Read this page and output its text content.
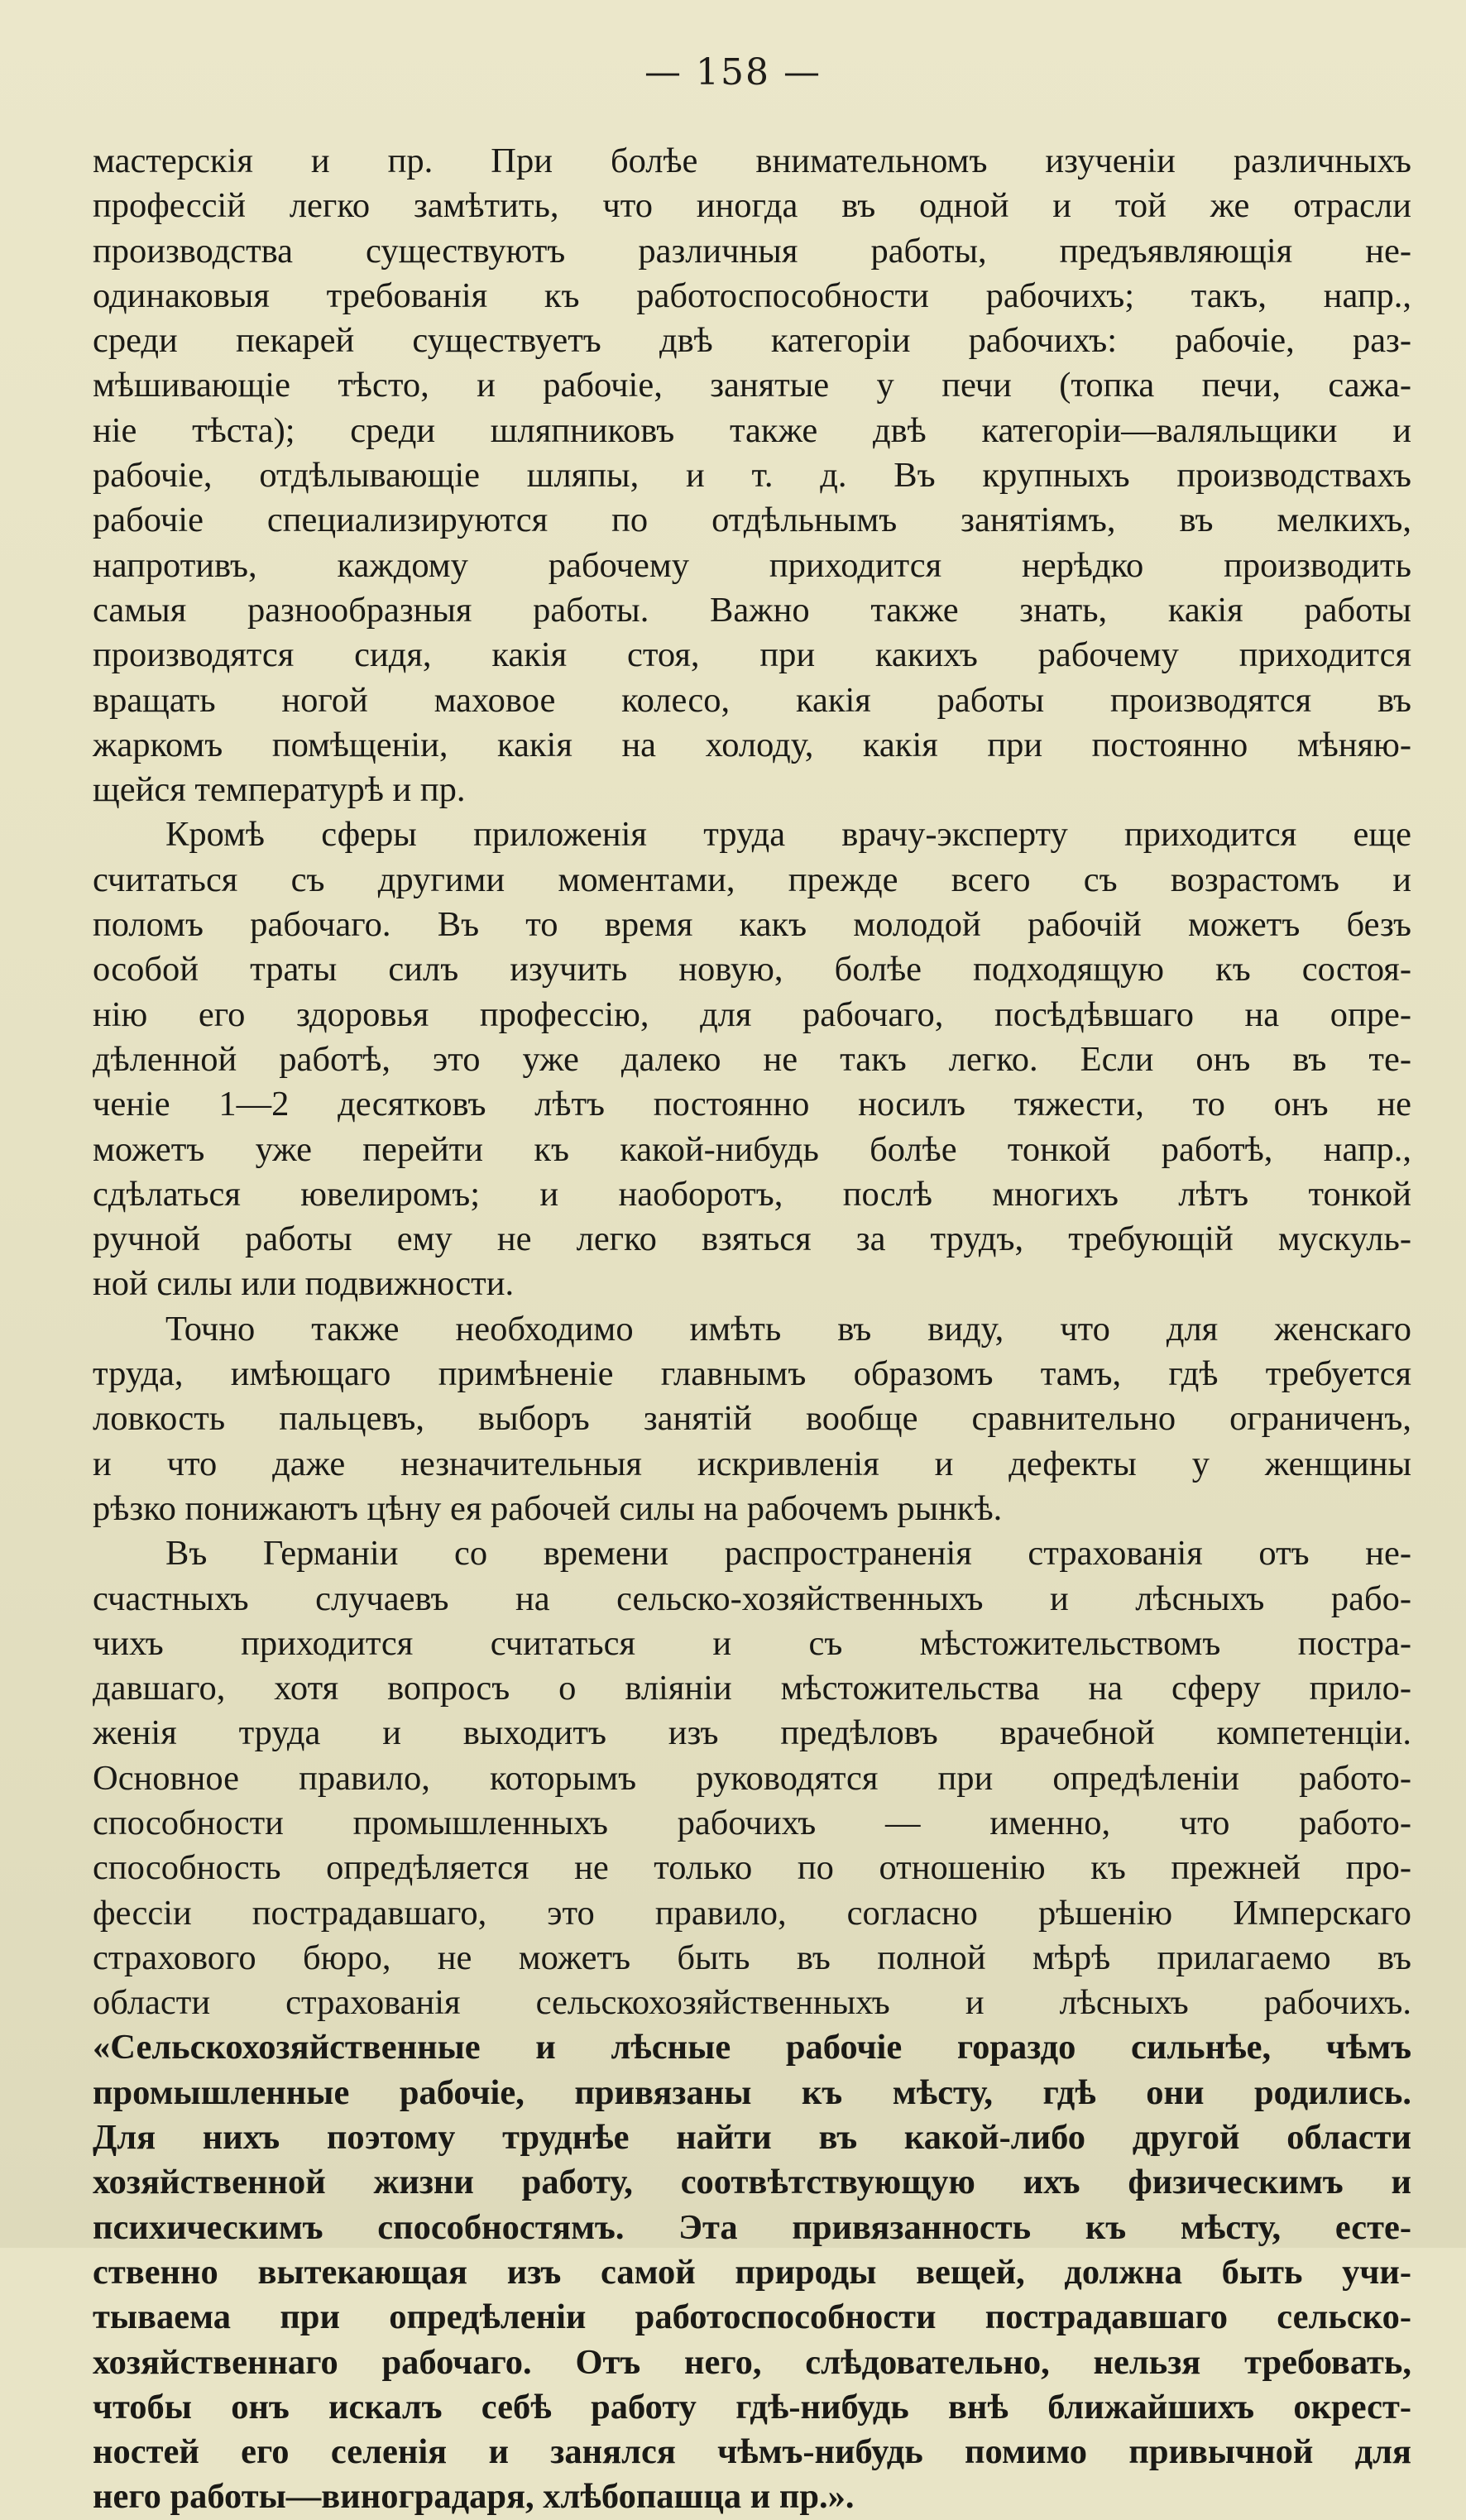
— 158 —
мастерскія и пр. При болѣе внимательномъ изученіи различныхъ
профессій легко замѣтить, что иногда въ одной и той же отрасли
производства существуютъ различныя работы, предъявляющія не-
одинаковыя требованія къ работоспособности рабочихъ; такъ, напр.,
среди пекарей существуетъ двѣ категоріи рабочихъ: рабочіе, раз-
мѣшивающіе тѣсто, и рабочіе, занятые у печи (топка печи, сажа-
ніе тѣста); среди шляпниковъ также двѣ категоріи—валяльщики и
рабочіе, отдѣлывающіе шляпы, и т. д. Въ крупныхъ производствахъ
рабочіе специализируются по отдѣльнымъ занятіямъ, въ мелкихъ,
напротивъ, каждому рабочему приходится нерѣдко производить
самыя разнообразныя работы. Важно также знать, какія работы
производятся сидя, какія стоя, при какихъ рабочему приходится
вращать ногой маховое колесо, какія работы производятся въ
жаркомъ помѣщеніи, какія на холоду, какія при постоянно мѣняю-
щейся температурѣ и пр.
Кромѣ сферы приложенія труда врачу-эксперту приходится еще
считаться съ другими моментами, прежде всего съ возрастомъ и
поломъ рабочаго. Въ то время какъ молодой рабочій можетъ безъ
особой траты силъ изучить новую, болѣе подходящую къ состоя-
нію его здоровья профессію, для рабочаго, посѣдѣвшаго на опре-
дѣленной работѣ, это уже далеко не такъ легко. Если онъ въ те-
ченіе 1—2 десятковъ лѣтъ постоянно носилъ тяжести, то онъ не
можетъ уже перейти къ какой-нибудь болѣе тонкой работѣ, напр.,
сдѣлаться ювелиромъ; и наоборотъ, послѣ многихъ лѣтъ тонкой
ручной работы ему не легко взяться за трудъ, требующій мускуль-
ной силы или подвижности.
Точно также необходимо имѣть въ виду, что для женскаго
труда, имѣющаго примѣненіе главнымъ образомъ тамъ, гдѣ требуется
ловкость пальцевъ, выборъ занятій вообще сравнительно ограниченъ,
и что даже незначительныя искривленія и дефекты у женщины
рѣзко понижаютъ цѣну ея рабочей силы на рабочемъ рынкѣ.
Въ Германіи со времени распространенія страхованія отъ не-
счастныхъ случаевъ на сельско-хозяйственныхъ и лѣсныхъ рабо-
чихъ приходится считаться и съ мѣстожительствомъ постра-
давшаго, хотя вопросъ о вліяніи мѣстожительства на сферу прило-
женія труда и выходитъ изъ предѣловъ врачебной компетенціи.
Основное правило, которымъ руководятся при опредѣленіи работо-
способности промышленныхъ рабочихъ — именно, что работо-
способность опредѣляется не только по отношенію къ прежней про-
фессіи пострадавшаго, это правило, согласно рѣшенію Имперскаго
страхового бюро, не можетъ быть въ полной мѣрѣ прилагаемо въ
области страхованія сельскохозяйственныхъ и лѣсныхъ рабочихъ.
«Сельскохозяйственные и лѣсные рабочіе гораздо сильнѣе, чѣмъ
промышленные рабочіе, привязаны къ мѣсту, гдѣ они родились.
Для нихъ поэтому труднѣе найти въ какой-либо другой области
хозяйственной жизни работу, соотвѣтствующую ихъ физическимъ и
психическимъ способностямъ. Эта привязанность къ мѣсту, есте-
ственно вытекающая изъ самой природы вещей, должна быть учи-
тываема при опредѣленіи работоспособности пострадавшаго сельско-
хозяйственнаго рабочаго. Отъ него, слѣдовательно, нельзя требовать,
чтобы онъ искалъ себѣ работу гдѣ-нибудь внѣ ближайшихъ окрест-
ностей его селенія и занялся чѣмъ-нибудь помимо привычной для
него работы—виноградаря, хлѣбопашца и пр.».
